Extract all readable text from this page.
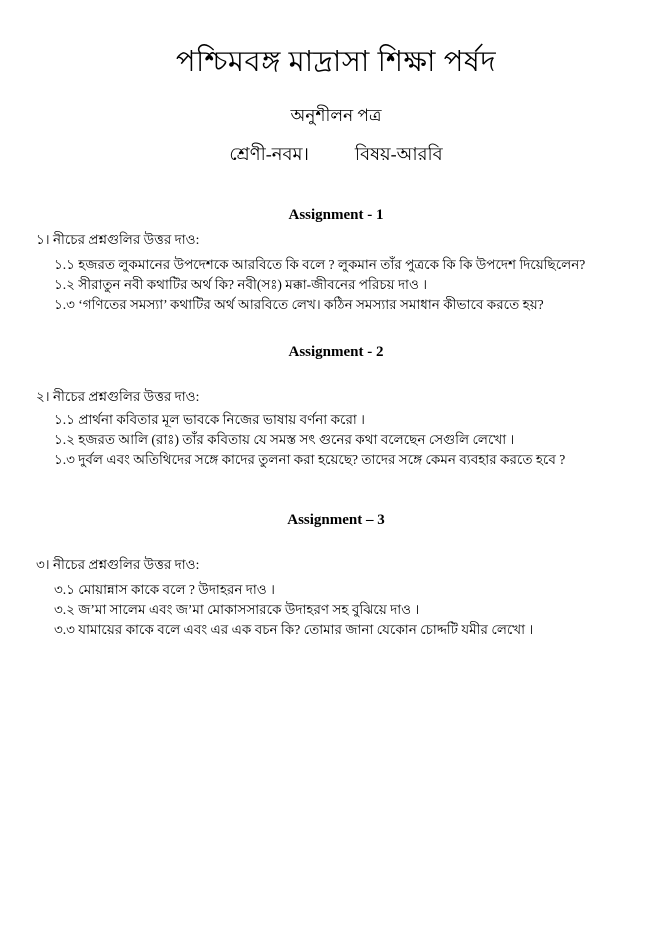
পশ্চিমবঙ্গ মাদ্রাসা শিক্ষা পর্ষদ
অনুশীলন পত্র
শ্রেণী-নবম।	বিষয়-আরবি
Assignment - 1
১। নীচের প্রশ্নগুলির উত্তর দাও:
১.১ হজরত লুকমানের উপদেশকে আরবিতে কি বলে ? লুকমান তাঁর পুত্রকে কি কি উপদেশ দিয়েছিলেন?
১.২ সীরাতুন নবী কথাটির অর্থ কি? নবী(সঃ) মক্কা-জীবনের পরিচয় দাও ।
১.৩ ‘গণিতের সমস্যা’ কথাটির অর্থ আরবিতে লেখ। কঠিন সমস্যার সমাধান কীভাবে করতে হয়?
Assignment - 2
২। নীচের প্রশ্নগুলির উত্তর দাও:
১.১ প্রার্থনা কবিতার মূল ভাবকে নিজের ভাষায় বর্ণনা করো ।
১.২ হজরত আলি (রাঃ) তাঁর কবিতায় যে সমস্ত সৎ গুনের কথা বলেছেন সেগুলি লেখো ।
১.৩ দুর্বল এবং অতিথিদের সঙ্গে কাদের তুলনা করা হয়েছে? তাদের সঙ্গে কেমন ব্যবহার করতে হবে ?
Assignment – 3
৩। নীচের প্রশ্নগুলির উত্তর দাও:
৩.১ মোয়ান্নাস কাকে বলে ? উদাহরন দাও ।
৩.২ জ’মা সালেম এবং জ’মা মোকাসসারকে উদাহরণ সহ বুঝিয়ে দাও ।
৩.৩ যামায়ের কাকে বলে এবং এর এক বচন কি? তোমার জানা যেকোন চোদ্দটি যমীর লেখো ।
